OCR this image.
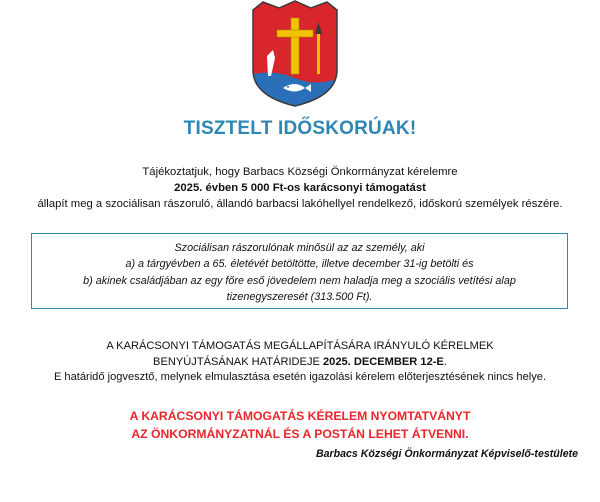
TISZTELT IDŐSKORÚAK!
Tájékoztatjuk, hogy Barbacs Községi Önkormányzat kérelemre
2025. évben 5 000 Ft-os karácsonyi támogatást
állapít meg a szociálisan rászoruló, állandó barbacsi lakóhellyel rendelkező, időskorú személyek részére.
Szociálisan rászorulónak minősül az az személy, aki
a) a tárgyévben a 65. életévét betöltötte, illetve december 31-ig betölti és
b) akinek családjában az egy főre eső jövedelem nem haladja meg a szociális vetítési alap
tizenegyszeresét (313.500 Ft).
A KARÁCSONYI TÁMOGATÁS MEGÁLLAPÍTÁSÁRA IRÁNYULÓ KÉRELMEK
BENYÚJTÁSÁNAK HATÁRIDEJE 2025. DECEMBER 12-E.
E határidő jogvesztő, melynek elmulasztása esetén igazolási kérelem előterjesztésének nincs helye.
A KARÁCSONYI TÁMOGATÁS KÉRELEM NYOMTATVÁNYT
AZ ÖNKORMÁNYZATNÁL ÉS A POSTÁN LEHET ÁTVENNI.
Barbacs Községi Önkormányzat Képviselő-testülete
